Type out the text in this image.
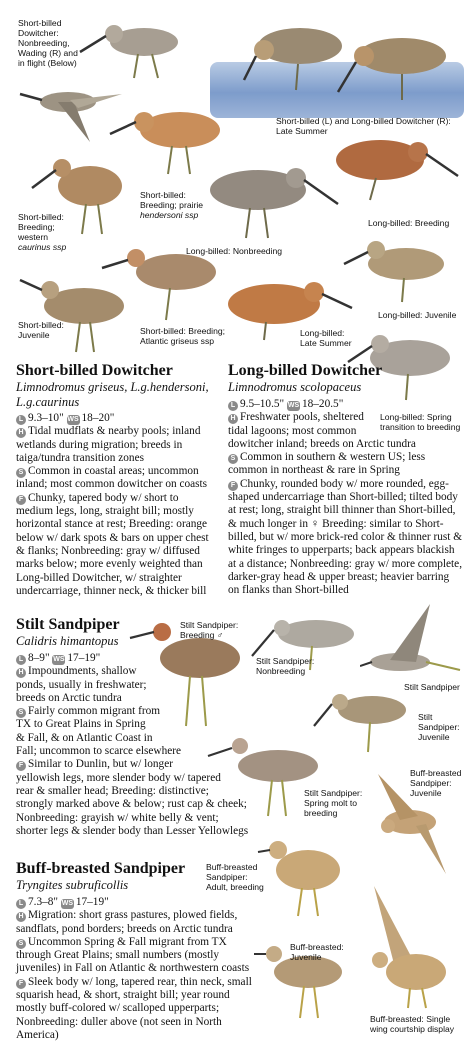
Short-billed
Dowitcher:
Nonbreeding,
Wading (R) and
in flight (Below)
Short-billed (L) and Long-billed Dowitcher (R):
Late Summer
Short-billed:
Breeding; prairie
hendersoni ssp
Long-billed: Breeding
Short-billed:
Breeding;
western
caurinus ssp	Long-billed: Nonbreeding
Long-billed: Juvenile
Short-billed:
Juvenile	Short-billed: Breeding;
Atlantic griseus ssp
Long-billed:
Late Summer
Long-billed: Spring
transition to breeding
Short-billed Dowitcher
Limnodromus griseus, L.g.hendersoni,
L.g.caurinus

L 9.3–10" WS 18–20"

H Tidal mudflats & nearby pools; inland

wetlands during migration; breeds in

taiga/tundra transition zones

S Common in coastal areas; uncommon

inland; most common dowitcher on coasts

F Chunky, tapered body w/ short to

medium legs, long, straight bill; mostly

horizontal stance at rest; Breeding: orange

below w/ dark spots & bars on upper chest

& flanks; Nonbreeding: gray w/ diffused

marks below; more evenly weighted than

Long-billed Dowitcher, w/ straighter

undercarriage, thinner neck, & thicker bill

Long-billed Dowitcher
Limnodromus scolopaceus

L 9.5–10.5" WS 18–20.5"

H Freshwater pools, sheltered

tidal lagoons; most common

dowitcher inland; breeds on Arctic tundra

S Common in southern & western US; less

common in northeast & rare in Spring

F Chunky, rounded body w/ more rounded, egg-

shaped undercarriage than Short-billed; tilted body

at rest; long, straight bill thinner than Short-billed,

& much longer in ♀ Breeding: similar to Short-

billed, but w/ more brick-red color & thinner rust &

white fringes to upperparts; back appears blackish

at a distance; Nonbreeding: gray w/ more complete,

darker-gray head & upper breast; heavier barring

on flanks than Short-billed

Stilt Sandpiper
Calidris himantopus

L 8–9" WS 17–19"

H Impoundments, shallow

ponds, usually in freshwater;

breeds on Arctic tundra

S Fairly common migrant from

TX to Great Plains in Spring

& Fall, & on Atlantic Coast in

Fall; uncommon to scarce elsewhere

F Similar to Dunlin, but w/ longer

yellowish legs, more slender body w/ tapered

rear & smaller head; Breeding: distinctive;

strongly marked above & below; rust cap & cheek;

Nonbreeding: grayish w/ white belly & vent;

shorter legs & slender body than Lesser Yellowlegs

Stilt Sandpiper:
Breeding ♂
Stilt Sandpiper:
Nonbreeding
Stilt Sandpiper
Stilt
Sandpiper:
Juvenile
Stilt Sandpiper:
Spring molt to
breeding
Buff-breasted Sandpiper
Tryngites subruficollis

L 7.3–8" WS 17–19"

H Migration: short grass pastures, plowed fields,

sandflats, pond borders; breeds on Arctic tundra

S Uncommon Spring & Fall migrant from TX

through Great Plains; small numbers (mostly

juveniles) in Fall on Atlantic & northwestern coasts

F Sleek body w/ long, tapered rear, thin neck, small

squarish head, & short, straight bill; year round

mostly buff-colored w/ scalloped upperparts;

Nonbreeding: duller above (not seen in North America)

Buff-breasted
Sandpiper:
Juvenile
Buff-breasted
Sandpiper:
Adult, breeding
Buff-breasted:
Juvenile
Buff-breasted: Single
wing courtship display
